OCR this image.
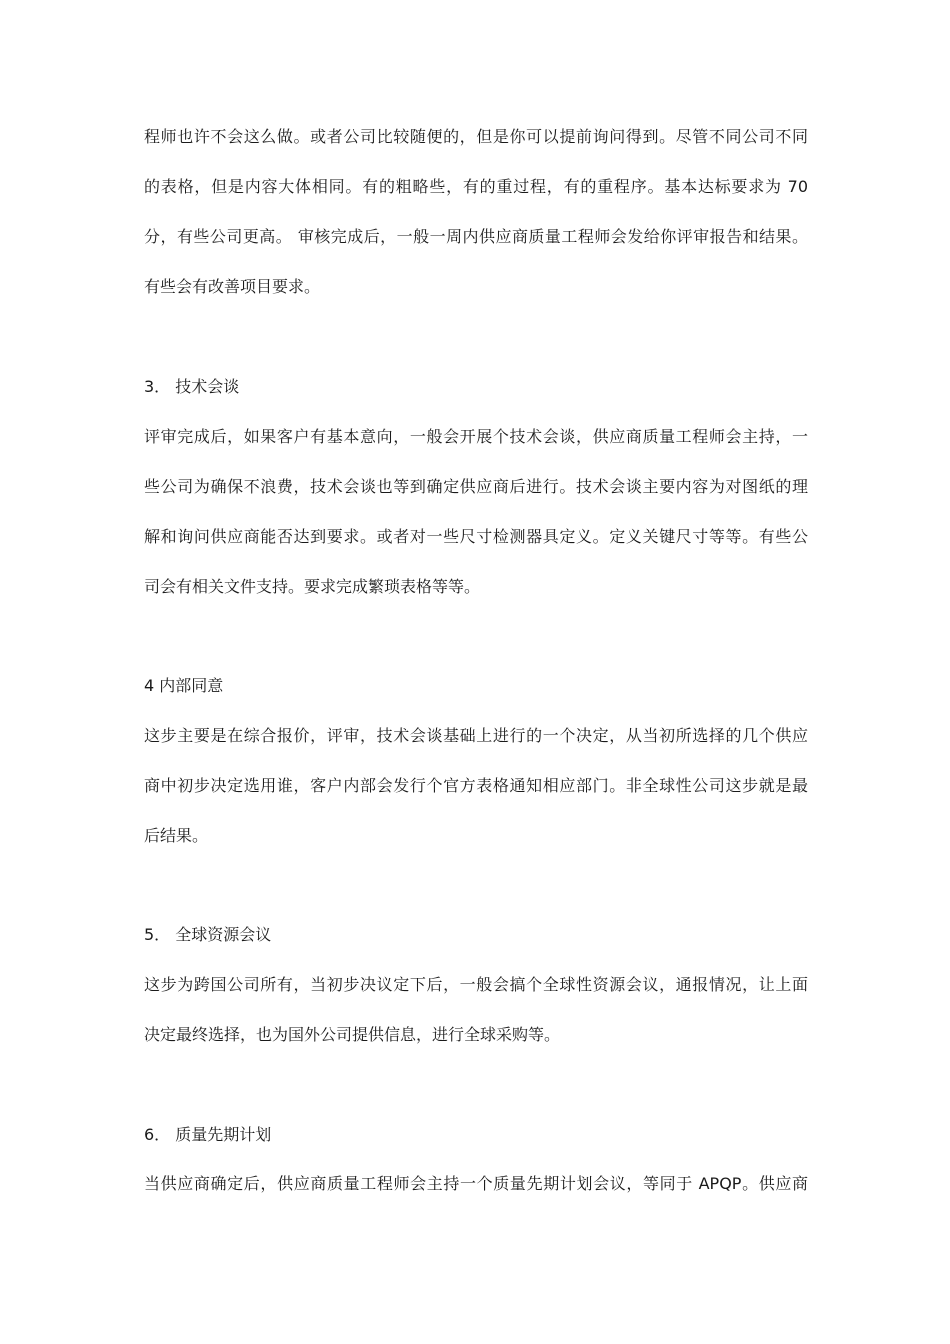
程师也许不会这么做。或者公司比较随便的，但是你可以提前询问得到。尽管不同公司不同
的表格，但是内容大体相同。有的粗略些，有的重过程，有的重程序。基本达标要求为 70
分，有些公司更高。 审核完成后，一般一周内供应商质量工程师会发给你评审报告和结果。
有些会有改善项目要求。
3． 技术会谈
评审完成后，如果客户有基本意向，一般会开展个技术会谈，供应商质量工程师会主持，一
些公司为确保不浪费，技术会谈也等到确定供应商后进行。技术会谈主要内容为对图纸的理
解和询问供应商能否达到要求。或者对一些尺寸检测器具定义。定义关键尺寸等等。有些公
司会有相关文件支持。要求完成繁琐表格等等。
4 内部同意
这步主要是在综合报价，评审，技术会谈基础上进行的一个决定，从当初所选择的几个供应
商中初步决定选用谁，客户内部会发行个官方表格通知相应部门。非全球性公司这步就是最
后结果。
5． 全球资源会议
这步为跨国公司所有，当初步决议定下后，一般会搞个全球性资源会议，通报情况，让上面
决定最终选择，也为国外公司提供信息，进行全球采购等。
6． 质量先期计划
当供应商确定后，供应商质量工程师会主持一个质量先期计划会议，等同于 APQP。供应商
